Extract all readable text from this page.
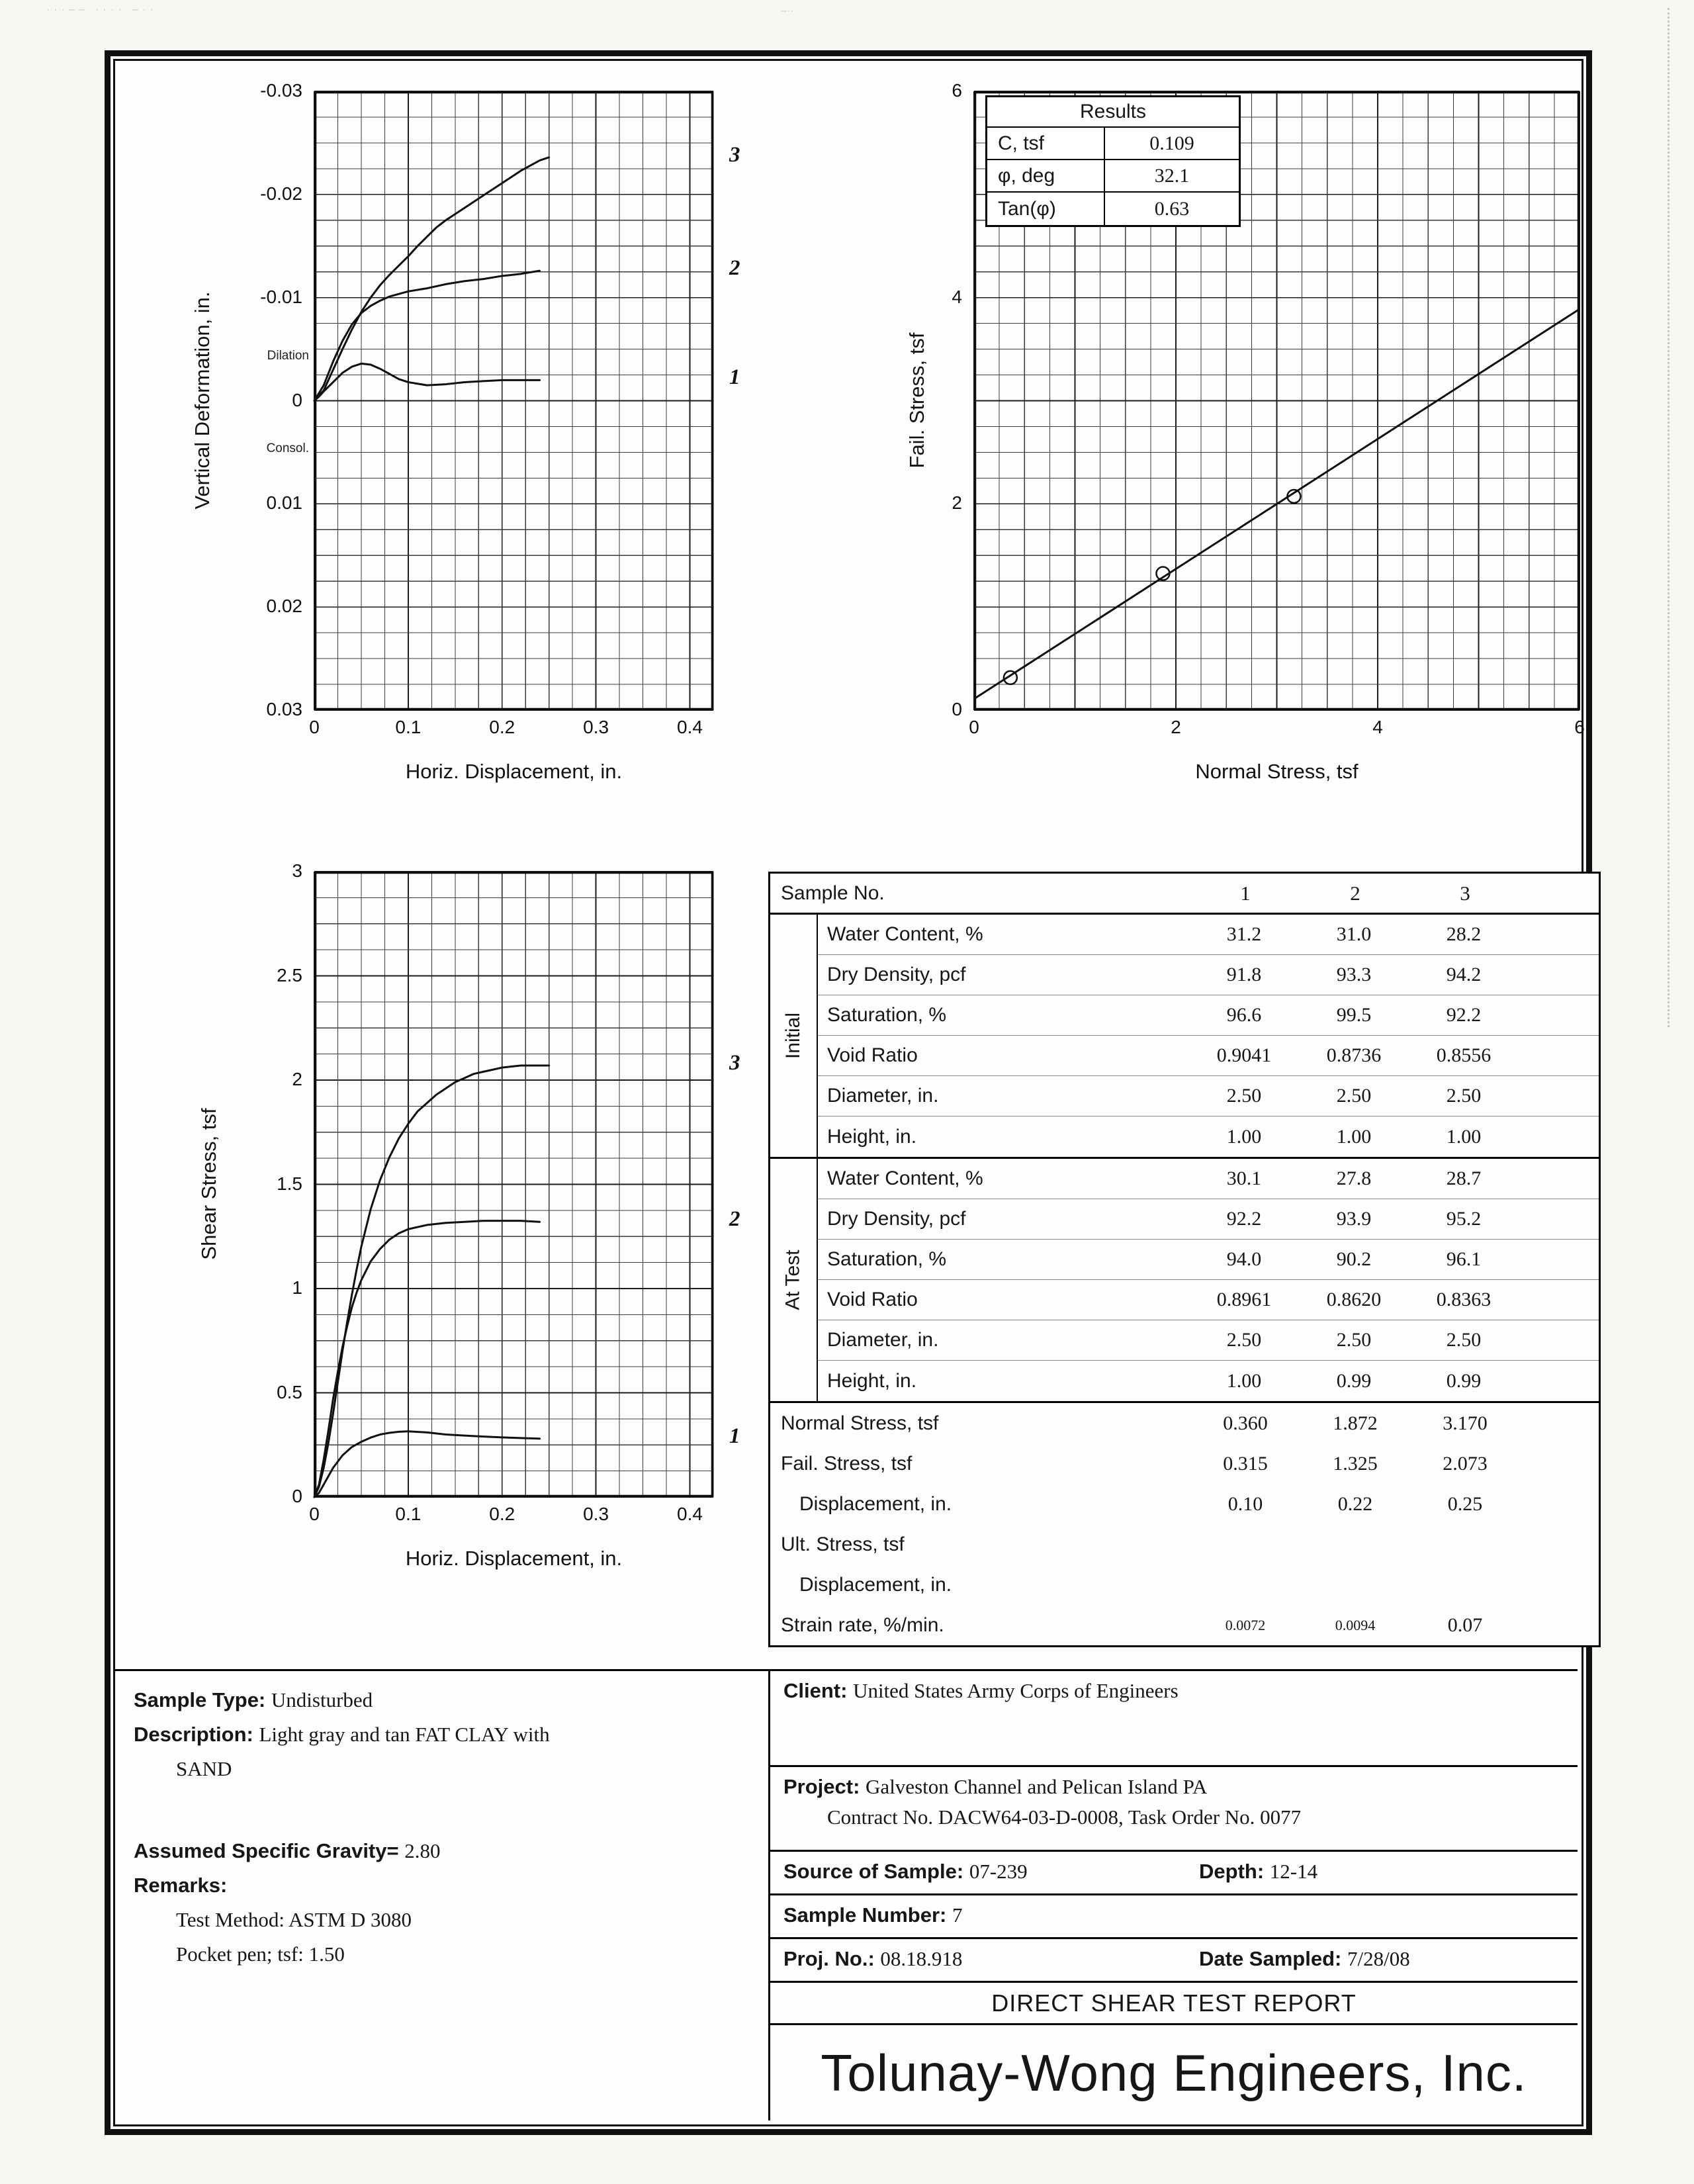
···–– ···· –··	–··
0	0.1	0.2	0.3	0.4
-0.03
-0.02
-0.01
0
0.01
0.02
0.03
Dilation
Consol.
1
2
3
Vertical Deformation, in.
Horiz. Displacement, in.
0	2	4	6
0
2
4
6
Fail. Stress, tsf
Normal Stress, tsf
Results
C, tsf	0.109
φ, deg	32.1
Tan(φ)	0.63
0	0.1	0.2	0.3	0.4
0
0.5
1
1.5
2
2.5
3
1
2
3
Shear Stress, tsf
Horiz. Displacement, in.
Sample No.	1	2	3
Initial
Water Content, %	31.2	31.0	28.2
Dry Density, pcf	91.8	93.3	94.2
Saturation, %	96.6	99.5	92.2
Void Ratio	0.9041	0.8736	0.8556
Diameter, in.	2.50	2.50	2.50
Height, in.	1.00	1.00	1.00
At Test
Water Content, %	30.1	27.8	28.7
Dry Density, pcf	92.2	93.9	95.2
Saturation, %	94.0	90.2	96.1
Void Ratio	0.8961	0.8620	0.8363
Diameter, in.	2.50	2.50	2.50
Height, in.	1.00	0.99	0.99
Normal Stress, tsf	0.360	1.872	3.170
Fail. Stress, tsf	0.315	1.325	2.073
Displacement, in.	0.10	0.22	0.25
Ult. Stress, tsf
Displacement, in.
Strain rate, %/min.	0.0072	0.0094	0.07
Sample Type: Undisturbed
Description: Light gray and tan FAT CLAY with
SAND
Assumed Specific Gravity= 2.80
Remarks:
Test Method: ASTM D 3080
Pocket pen; tsf: 1.50
Client: United States Army Corps of Engineers
Project: Galveston Channel and Pelican Island PA
Contract No. DACW64-03-D-0008, Task Order No. 0077
Source of Sample: 07-239	Depth: 12-14
Sample Number: 7
Proj. No.: 08.18.918	Date Sampled: 7/28/08
DIRECT SHEAR TEST REPORT
Tolunay-Wong Engineers, Inc.
